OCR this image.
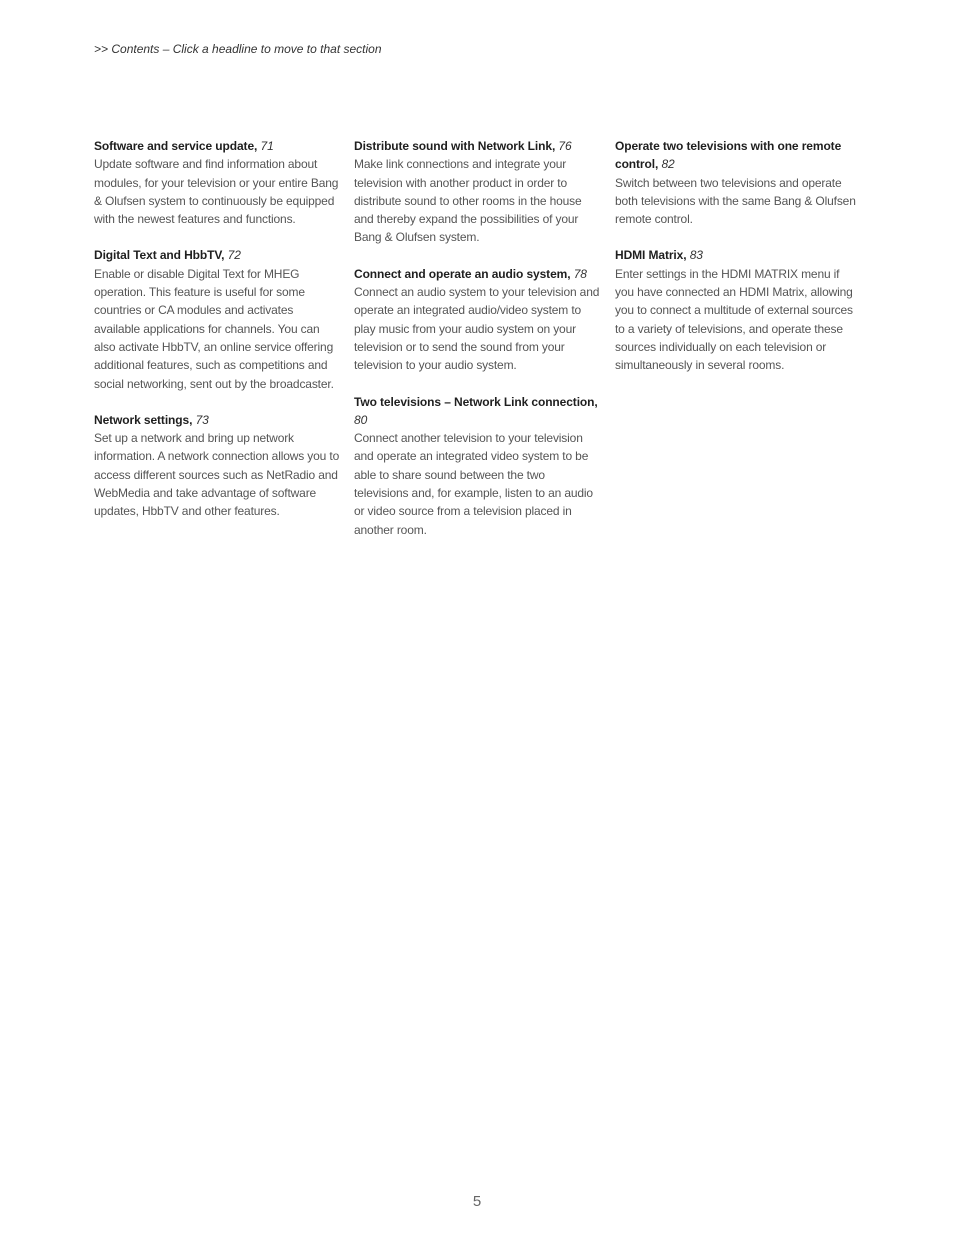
>> Contents – Click a headline to move to that section
Software and service update, 71
Update software and find information about modules, for your television or your entire Bang & Olufsen system to continuously be equipped with the newest features and functions.
Digital Text and HbbTV, 72
Enable or disable Digital Text for MHEG operation. This feature is useful for some countries or CA modules and activates available applications for channels. You can also activate HbbTV, an online service offering additional features, such as competitions and social networking, sent out by the broadcaster.
Network settings, 73
Set up a network and bring up network information. A network connection allows you to access different sources such as NetRadio and WebMedia and take advantage of software updates, HbbTV and other features.
Distribute sound with Network Link, 76
Make link connections and integrate your television with another product in order to distribute sound to other rooms in the house and thereby expand the possibilities of your Bang & Olufsen system.
Connect and operate an audio system, 78
Connect an audio system to your television and operate an integrated audio/video system to play music from your audio system on your television or to send the sound from your television to your audio system.
Two televisions – Network Link connection, 80
Connect another television to your television and operate an integrated video system to be able to share sound between the two televisions and, for example, listen to an audio or video source from a television placed in another room.
Operate two televisions with one remote control, 82
Switch between two televisions and operate both televisions with the same Bang & Olufsen remote control.
HDMI Matrix, 83
Enter settings in the HDMI MATRIX menu if you have connected an HDMI Matrix, allowing you to connect a multitude of external sources to a variety of televisions, and operate these sources individually on each television or simultaneously in several rooms.
5
